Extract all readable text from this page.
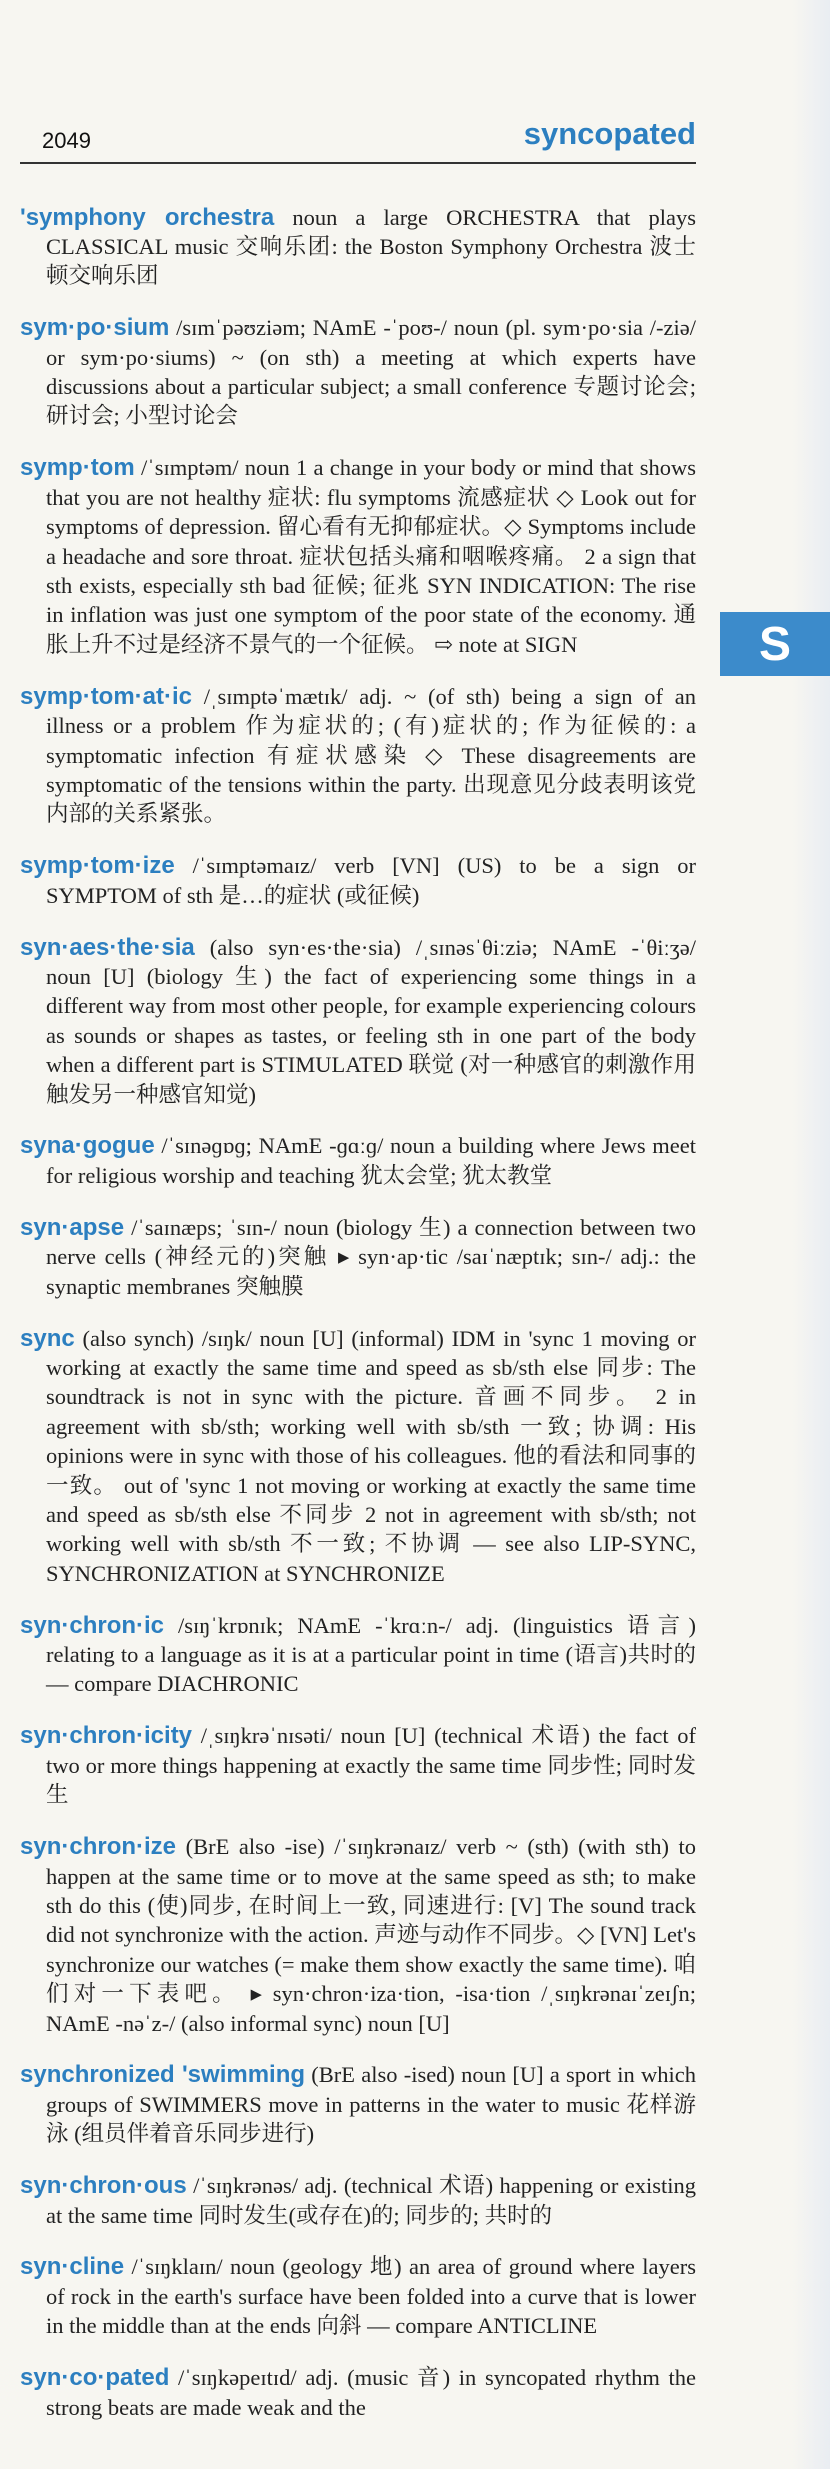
2049	syncopated
S

'symphony orchestra noun a large ORCHESTRA that plays CLASSICAL music 交响乐团: the Boston Symphony Orchestra 波士顿交响乐团

sym·po·sium /sɪmˈpəʊziəm; NAmE -ˈpoʊ-/ noun (pl. sym·po·sia /-ziə/ or sym·po·siums) ~ (on sth) a meeting at which experts have discussions about a particular subject; a small conference 专题讨论会; 研讨会; 小型讨论会

symp·tom /ˈsɪmptəm/ noun 1 a change in your body or mind that shows that you are not healthy 症状: flu symptoms 流感症状 ◇ Look out for symptoms of depression. 留心看有无抑郁症状。◇ Symptoms include a headache and sore throat. 症状包括头痛和咽喉疼痛。 2 a sign that sth exists, especially sth bad 征候; 征兆 SYN INDICATION: The rise in inflation was just one symptom of the poor state of the economy. 通胀上升不过是经济不景气的一个征候。 ⇨ note at SIGN

symp·tom·at·ic /ˌsɪmptəˈmætɪk/ adj. ~ (of sth) being a sign of an illness or a problem 作为症状的; (有)症状的; 作为征候的: a symptomatic infection 有症状感染 ◇ These disagreements are symptomatic of the tensions within the party. 出现意见分歧表明该党内部的关系紧张。

symp·tom·ize /ˈsɪmptəmaɪz/ verb [VN] (US) to be a sign or SYMPTOM of sth 是…的症状 (或征候)

syn·aes·the·sia (also syn·es·the·sia) /ˌsɪnəsˈθiːziə; NAmE -ˈθiːʒə/ noun [U] (biology 生) the fact of experiencing some things in a different way from most other people, for example experiencing colours as sounds or shapes as tastes, or feeling sth in one part of the body when a different part is STIMULATED 联觉 (对一种感官的刺激作用触发另一种感官知觉)

syna·gogue /ˈsɪnəɡɒɡ; NAmE -ɡɑːɡ/ noun a building where Jews meet for religious worship and teaching 犹太会堂; 犹太教堂

syn·apse /ˈsaɪnæps; ˈsɪn-/ noun (biology 生) a connection between two nerve cells (神经元的)突触 ▸ syn·ap·tic /saɪˈnæptɪk; sɪn-/ adj.: the synaptic membranes 突触膜

sync (also synch) /sɪŋk/ noun [U] (informal) IDM in 'sync 1 moving or working at exactly the same time and speed as sb/sth else 同步: The soundtrack is not in sync with the picture. 音画不同步。 2 in agreement with sb/sth; working well with sb/sth 一致; 协调: His opinions were in sync with those of his colleagues. 他的看法和同事的一致。 out of 'sync 1 not moving or working at exactly the same time and speed as sb/sth else 不同步 2 not in agreement with sb/sth; not working well with sb/sth 不一致; 不协调 — see also LIP-SYNC, SYNCHRONIZATION at SYNCHRONIZE

syn·chron·ic /sɪŋˈkrɒnɪk; NAmE -ˈkrɑːn-/ adj. (linguistics 语言) relating to a language as it is at a particular point in time (语言)共时的 — compare DIACHRONIC

syn·chron·icity /ˌsɪŋkrəˈnɪsəti/ noun [U] (technical 术语) the fact of two or more things happening at exactly the same time 同步性; 同时发生

syn·chron·ize (BrE also -ise) /ˈsɪŋkrənaɪz/ verb ~ (sth) (with sth) to happen at the same time or to move at the same speed as sth; to make sth do this (使)同步, 在时间上一致, 同速进行: [V] The sound track did not synchronize with the action. 声迹与动作不同步。◇ [VN] Let's synchronize our watches (= make them show exactly the same time). 咱们对一下表吧。 ▸ syn·chron·iza·tion, -isa·tion /ˌsɪŋkrənaɪˈzeɪʃn; NAmE -nəˈz-/ (also informal sync) noun [U]

synchronized 'swimming (BrE also -ised) noun [U] a sport in which groups of SWIMMERS move in patterns in the water to music 花样游泳 (组员伴着音乐同步进行)

syn·chron·ous /ˈsɪŋkrənəs/ adj. (technical 术语) happening or existing at the same time 同时发生(或存在)的; 同步的; 共时的

syn·cline /ˈsɪŋklaɪn/ noun (geology 地) an area of ground where layers of rock in the earth's surface have been folded into a curve that is lower in the middle than at the ends 向斜 — compare ANTICLINE

syn·co·pated /ˈsɪŋkəpeɪtɪd/ adj. (music 音) in syncopated rhythm the strong beats are made weak and the
